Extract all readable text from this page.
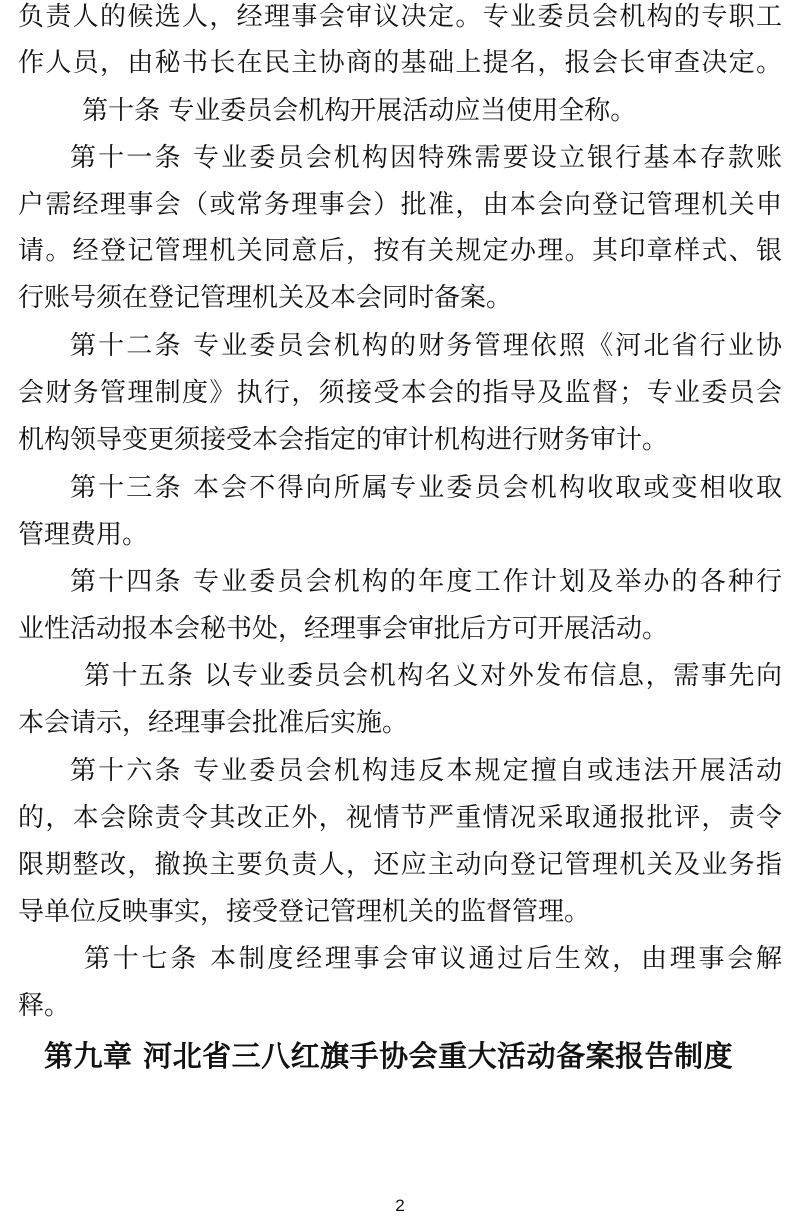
负责人的候选人，经理事会审议决定。专业委员会机构的专职工
作人员，由秘书长在民主协商的基础上提名，报会长审查决定。
第十条 专业委员会机构开展活动应当使用全称。
第十一条 专业委员会机构因特殊需要设立银行基本存款账
户需经理事会（或常务理事会）批准，由本会向登记管理机关申
请。经登记管理机关同意后，按有关规定办理。其印章样式、银
行账号须在登记管理机关及本会同时备案。
第十二条 专业委员会机构的财务管理依照《河北省行业协
会财务管理制度》执行，须接受本会的指导及监督；专业委员会
机构领导变更须接受本会指定的审计机构进行财务审计。
第十三条 本会不得向所属专业委员会机构收取或变相收取
管理费用。
第十四条 专业委员会机构的年度工作计划及举办的各种行
业性活动报本会秘书处，经理事会审批后方可开展活动。
第十五条 以专业委员会机构名义对外发布信息，需事先向
本会请示，经理事会批准后实施。
第十六条 专业委员会机构违反本规定擅自或违法开展活动
的，本会除责令其改正外，视情节严重情况采取通报批评，责令
限期整改，撤换主要负责人，还应主动向登记管理机关及业务指
导单位反映事实，接受登记管理机关的监督管理。
第十七条 本制度经理事会审议通过后生效，由理事会解
释。
第九章 河北省三八红旗手协会重大活动备案报告制度
2
